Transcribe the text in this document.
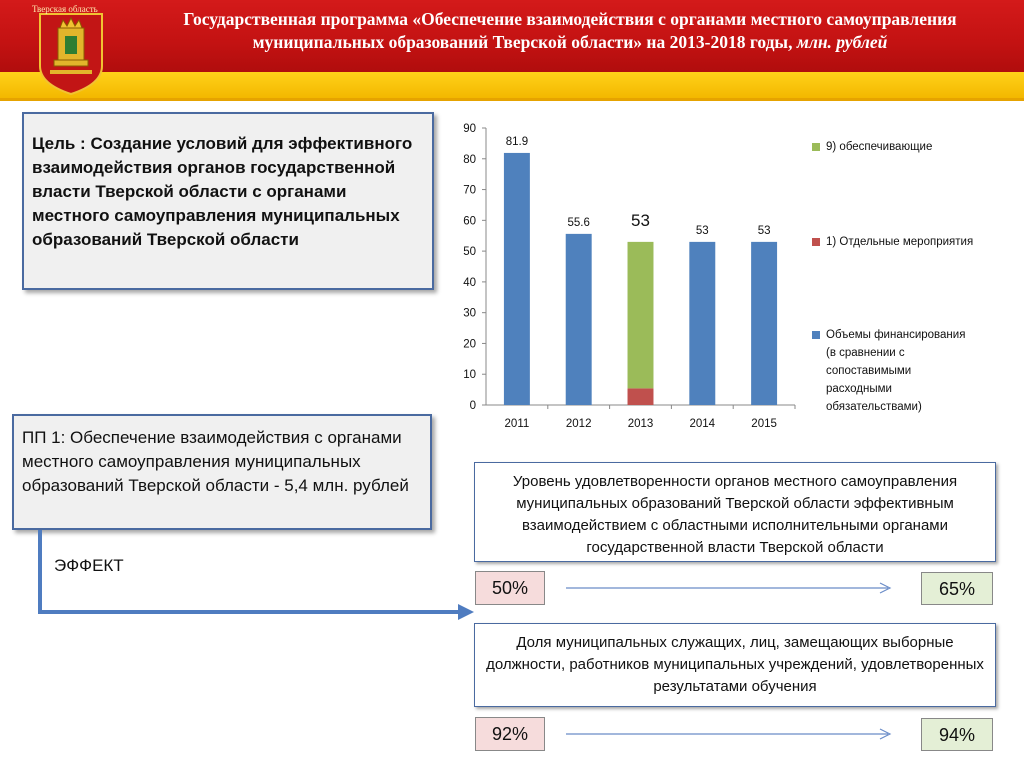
Тверская область	Государственная программа «Обеспечение взаимодействия с органами местного самоуправления
муниципальных образований Тверской области» на 2013-2018 годы, млн. рублей
Цель : Создание условий для эффективного взаимодействия органов государственной власти Тверской области с органами местного самоуправления муниципальных образований Тверской области
ПП 1: Обеспечение взаимодействия с органами местного самоуправления муниципальных образований Тверской области - 5,4 млн. рублей
ЭФФЕКТ
Уровень удовлетворенности органов местного самоуправления муниципальных образований Тверской области эффективным взаимодействием с областными исполнительными органами государственной власти Тверской области
50%	65%
Доля муниципальных служащих, лиц, замещающих выборные должности, работников муниципальных учреждений, удовлетворенных результатами обучения
92%	94%
0
10
20
30
40
50
60
70
80
90
2011
81.9
2012
55.6
2013
53
2014
53
2015
53
9) обеспечивающие
1) Отдельные мероприятия
Объемы финансирования
(в сравнении с
сопоставимыми
расходными
обязательствами)
